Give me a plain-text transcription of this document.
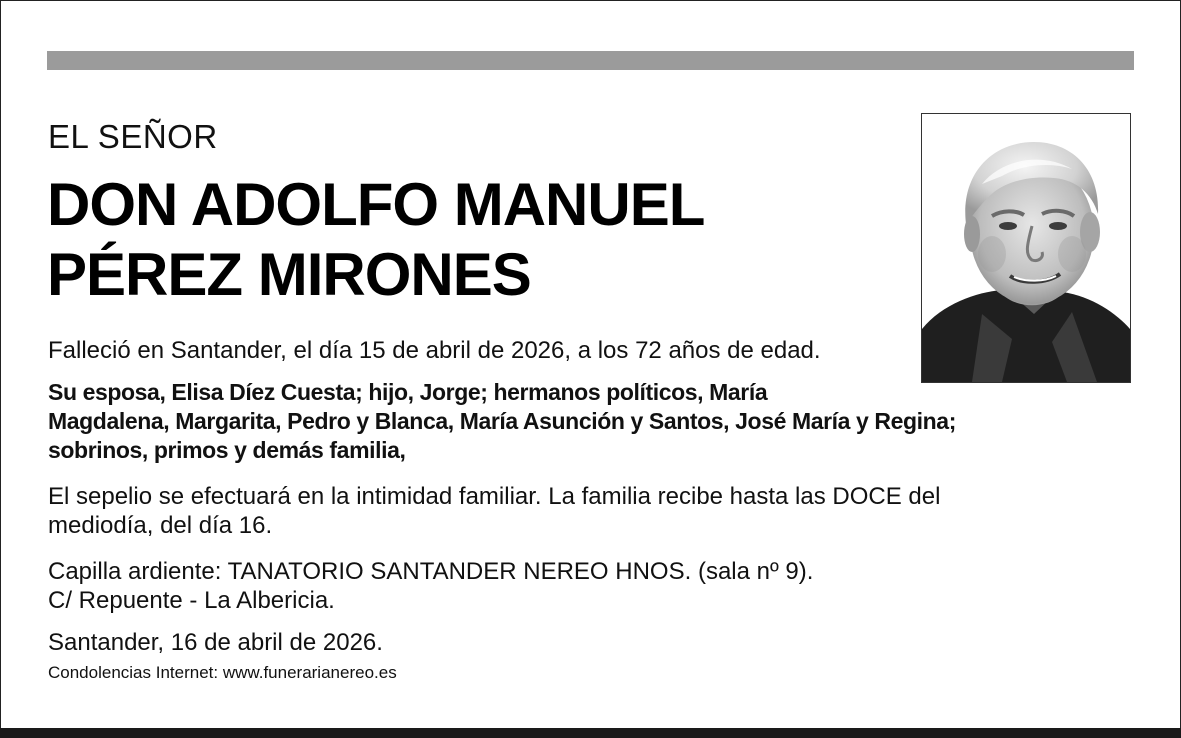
EL SEÑOR
DON ADOLFO MANUEL
PÉREZ MIRONES
Falleció en Santander, el día 15 de abril de 2026, a los 72 años de edad.
Su esposa, Elisa Díez Cuesta; hijo, Jorge; hermanos políticos, María
Magdalena, Margarita, Pedro y Blanca, María Asunción y Santos, José María y Regina;
sobrinos, primos y demás familia,
El sepelio se efectuará en la intimidad familiar. La familia recibe hasta las DOCE del
mediodía, del día 16.
Capilla ardiente: TANATORIO SANTANDER NEREO HNOS. (sala nº 9).
C/ Repuente - La Albericia.
Santander, 16 de abril de 2026.
Condolencias Internet: www.funerarianereo.es
